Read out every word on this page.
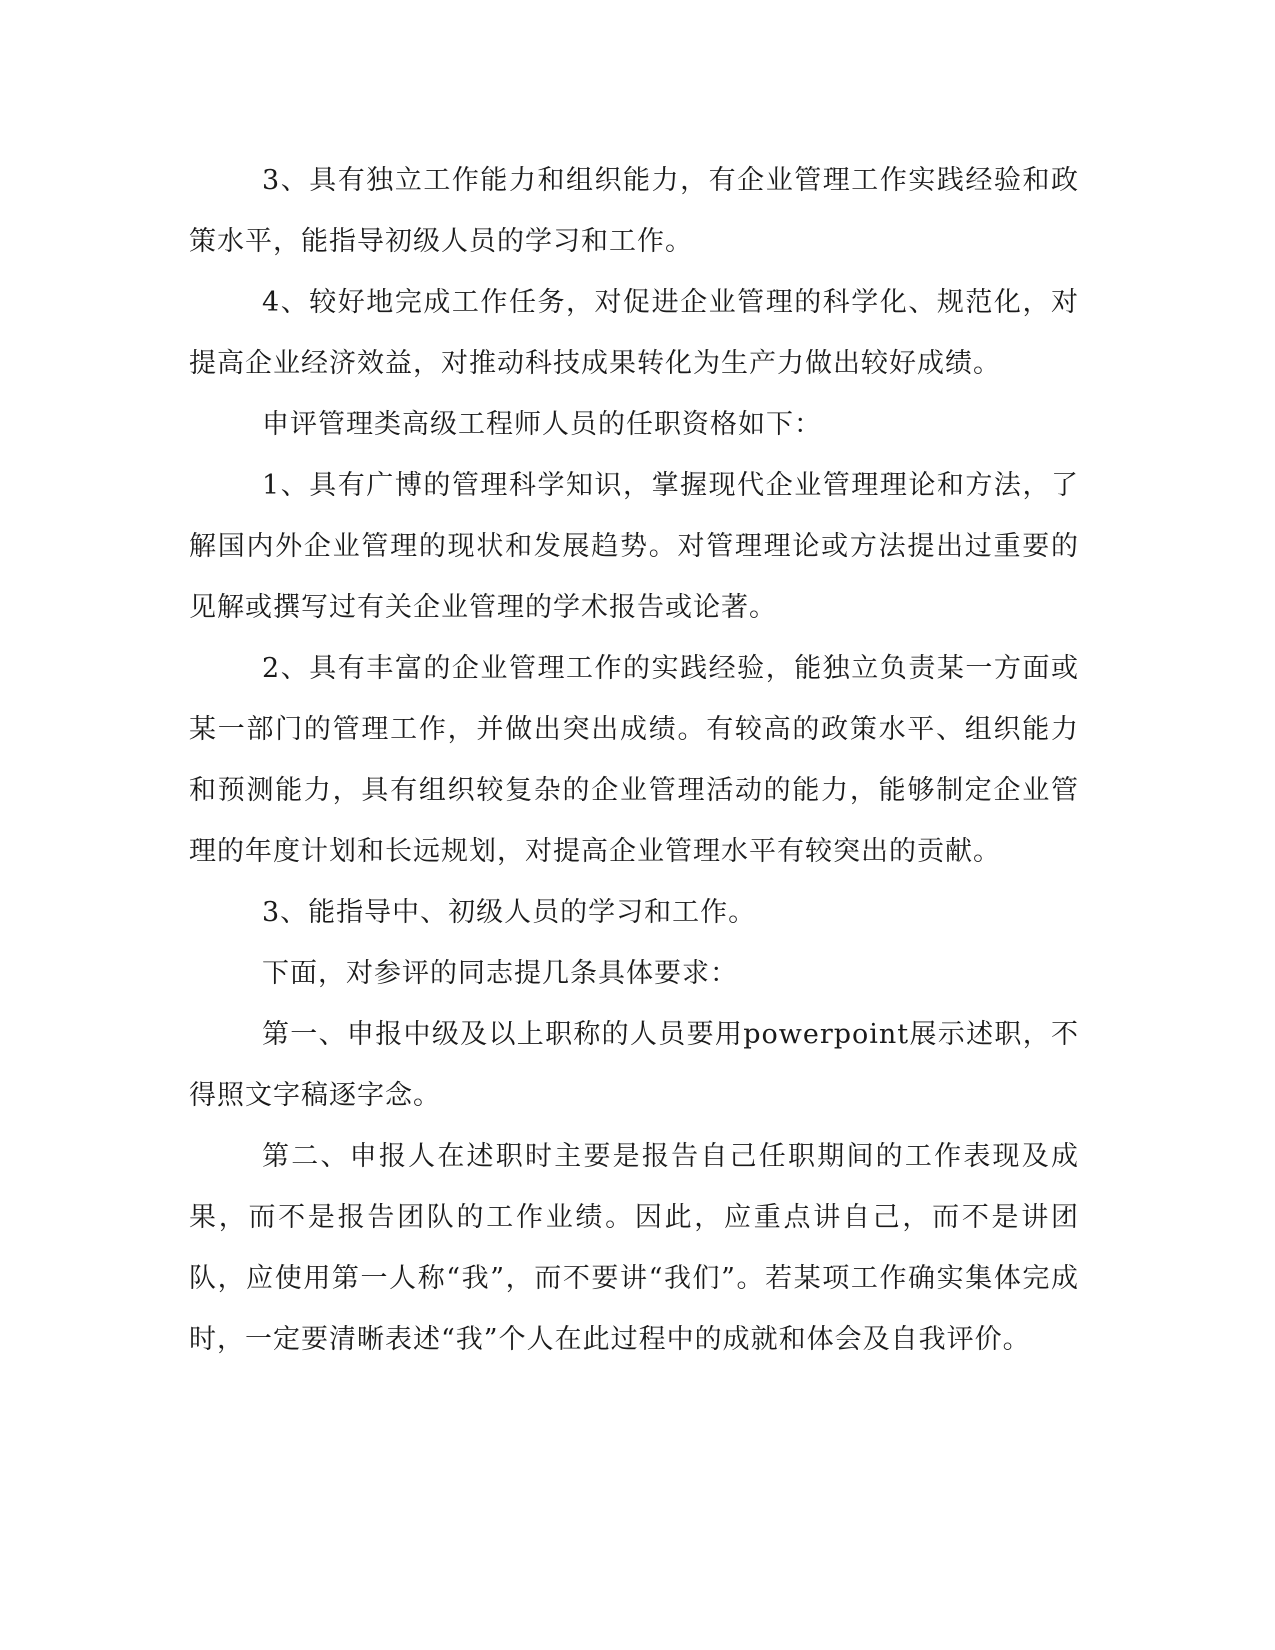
3、具有独立工作能力和组织能力，有企业管理工作实践经验和政策水平，能指导初级人员的学习和工作。

4、较好地完成工作任务，对促进企业管理的科学化、规范化，对提高企业经济效益，对推动科技成果转化为生产力做出较好成绩。

申评管理类高级工程师人员的任职资格如下：

1、具有广博的管理科学知识，掌握现代企业管理理论和方法，了解国内外企业管理的现状和发展趋势。对管理理论或方法提出过重要的见解或撰写过有关企业管理的学术报告或论著。

2、具有丰富的企业管理工作的实践经验，能独立负责某一方面或某一部门的管理工作，并做出突出成绩。有较高的政策水平、组织能力和预测能力，具有组织较复杂的企业管理活动的能力，能够制定企业管理的年度计划和长远规划，对提高企业管理水平有较突出的贡献。

3、能指导中、初级人员的学习和工作。

下面，对参评的同志提几条具体要求：

第一、申报中级及以上职称的人员要用powerpoint展示述职，不得照文字稿逐字念。

第二、申报人在述职时主要是报告自己任职期间的工作表现及成果，而不是报告团队的工作业绩。因此，应重点讲自己，而不是讲团队，应使用第一人称“我”，而不要讲“我们”。若某项工作确实集体完成时，一定要清晰表述“我”个人在此过程中的成就和体会及自我评价。
